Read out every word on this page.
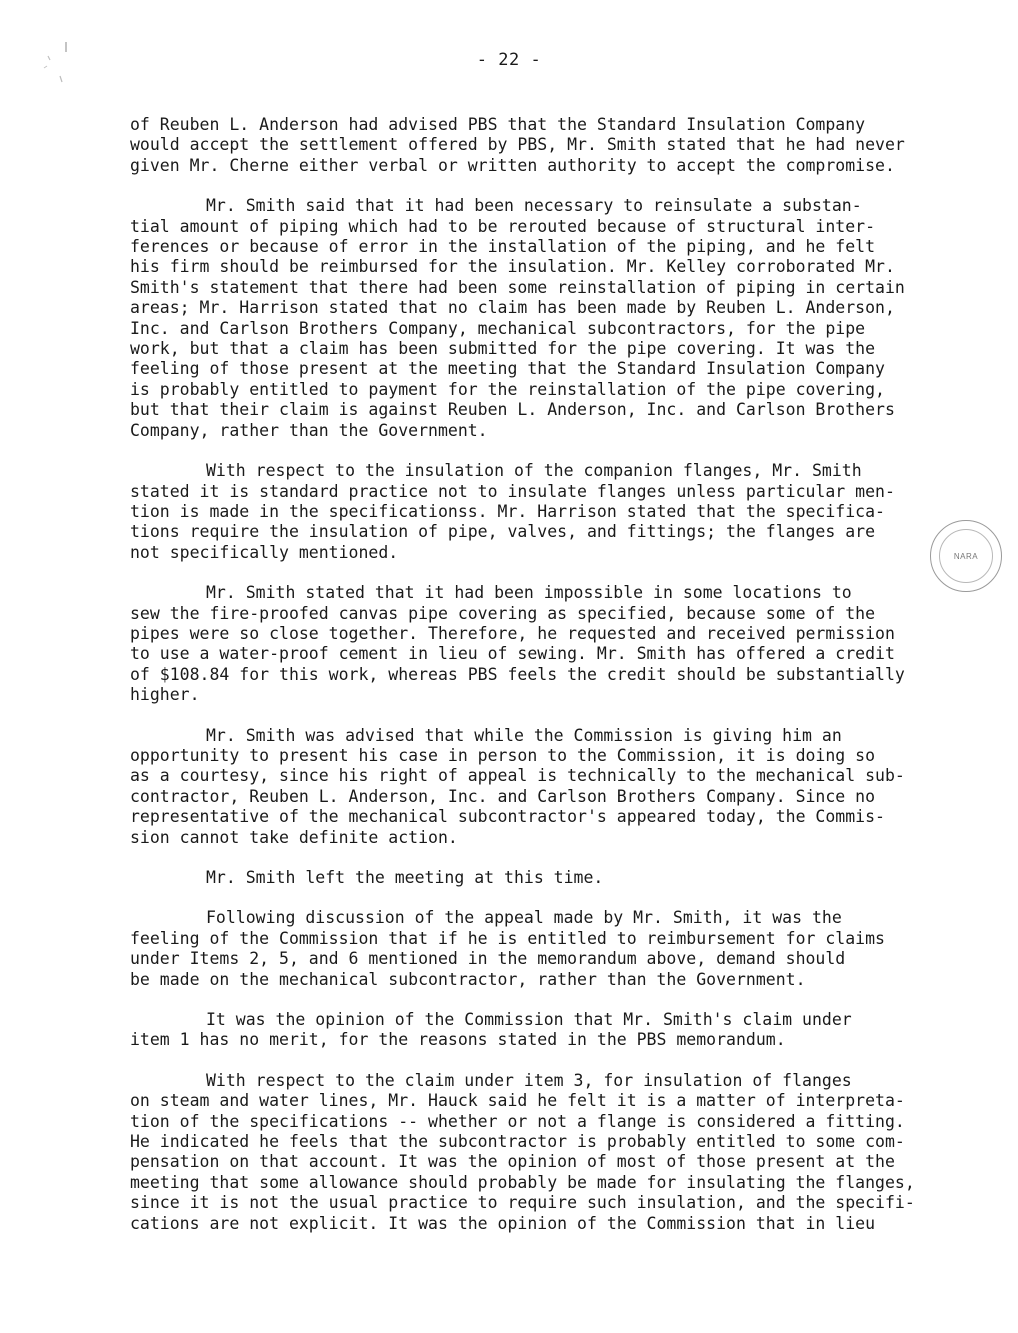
- 22 -
of Reuben L. Anderson had advised PBS that the Standard Insulation Company
would accept the settlement offered by PBS, Mr. Smith stated that he had never
given Mr. Cherne either verbal or written authority to accept the compromise.
Mr. Smith said that it had been necessary to reinsulate a substan-
tial amount of piping which had to be rerouted because of structural inter-
ferences or because of error in the installation of the piping, and he felt
his firm should be reimbursed for the insulation. Mr. Kelley corroborated Mr.
Smith's statement that there had been some reinstallation of piping in certain
areas; Mr. Harrison stated that no claim has been made by Reuben L. Anderson,
Inc. and Carlson Brothers Company, mechanical subcontractors, for the pipe
work, but that a claim has been submitted for the pipe covering. It was the
feeling of those present at the meeting that the Standard Insulation Company
is probably entitled to payment for the reinstallation of the pipe covering,
but that their claim is against Reuben L. Anderson, Inc. and Carlson Brothers
Company, rather than the Government.
With respect to the insulation of the companion flanges, Mr. Smith
stated it is standard practice not to insulate flanges unless particular men-
tion is made in the specificationss. Mr. Harrison stated that the specifica-
tions require the insulation of pipe, valves, and fittings; the flanges are
not specifically mentioned.
Mr. Smith stated that it had been impossible in some locations to
sew the fire-proofed canvas pipe covering as specified, because some of the
pipes were so close together. Therefore, he requested and received permission
to use a water-proof cement in lieu of sewing. Mr. Smith has offered a credit
of $108.84 for this work, whereas PBS feels the credit should be substantially
higher.
Mr. Smith was advised that while the Commission is giving him an
opportunity to present his case in person to the Commission, it is doing so
as a courtesy, since his right of appeal is technically to the mechanical sub-
contractor, Reuben L. Anderson, Inc. and Carlson Brothers Company. Since no
representative of the mechanical subcontractor's appeared today, the Commis-
sion cannot take definite action.
Mr. Smith left the meeting at this time.
Following discussion of the appeal made by Mr. Smith, it was the
feeling of the Commission that if he is entitled to reimbursement for claims
under Items 2, 5, and 6 mentioned in the memorandum above, demand should
be made on the mechanical subcontractor, rather than the Government.
It was the opinion of the Commission that Mr. Smith's claim under
item 1 has no merit, for the reasons stated in the PBS memorandum.
With respect to the claim under item 3, for insulation of flanges
on steam and water lines, Mr. Hauck said he felt it is a matter of interpreta-
tion of the specifications -- whether or not a flange is considered a fitting.
He indicated he feels that the subcontractor is probably entitled to some com-
pensation on that account. It was the opinion of most of those present at the
meeting that some allowance should probably be made for insulating the flanges,
since it is not the usual practice to require such insulation, and the specifi-
cations are not explicit. It was the opinion of the Commission that in lieu
NARA
